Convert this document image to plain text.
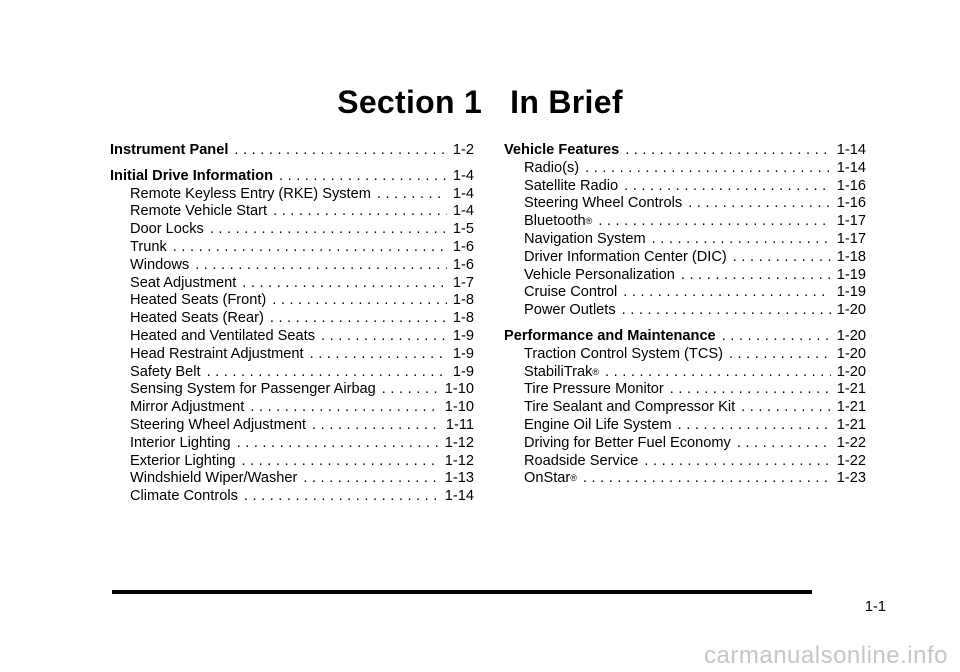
Section 1 In Brief
Instrument Panel . . .	1-2
Initial Drive Information . . .	1-4
Remote Keyless Entry (RKE) System . . .	1-4
Remote Vehicle Start . . .	1-4
Door Locks . . .	1-5
Trunk . . .	1-6
Windows . . .	1-6
Seat Adjustment . . .	1-7
Heated Seats (Front) . . .	1-8
Heated Seats (Rear) . . .	1-8
Heated and Ventilated Seats . . .	1-9
Head Restraint Adjustment . . .	1-9
Safety Belt . . .	1-9
Sensing System for Passenger Airbag . . .	1-10
Mirror Adjustment . . .	1-10
Steering Wheel Adjustment . . .	1-11
Interior Lighting . . .	1-12
Exterior Lighting . . .	1-12
Windshield Wiper/Washer . . .	1-13
Climate Controls . . .	1-14
Vehicle Features . . .	1-14
Radio(s) . . .	1-14
Satellite Radio . . .	1-16
Steering Wheel Controls . . .	1-16
Bluetooth® . . .	1-17
Navigation System . . .	1-17
Driver Information Center (DIC) . . .	1-18
Vehicle Personalization . . .	1-19
Cruise Control . . .	1-19
Power Outlets . . .	1-20
Performance and Maintenance . . .	1-20
Traction Control System (TCS) . . .	1-20
StabiliTrak® . . .	1-20
Tire Pressure Monitor . . .	1-21
Tire Sealant and Compressor Kit . . .	1-21
Engine Oil Life System . . .	1-21
Driving for Better Fuel Economy . . .	1-22
Roadside Service . . .	1-22
OnStar® . . .	1-23
1-1
carmanualsonline.info
